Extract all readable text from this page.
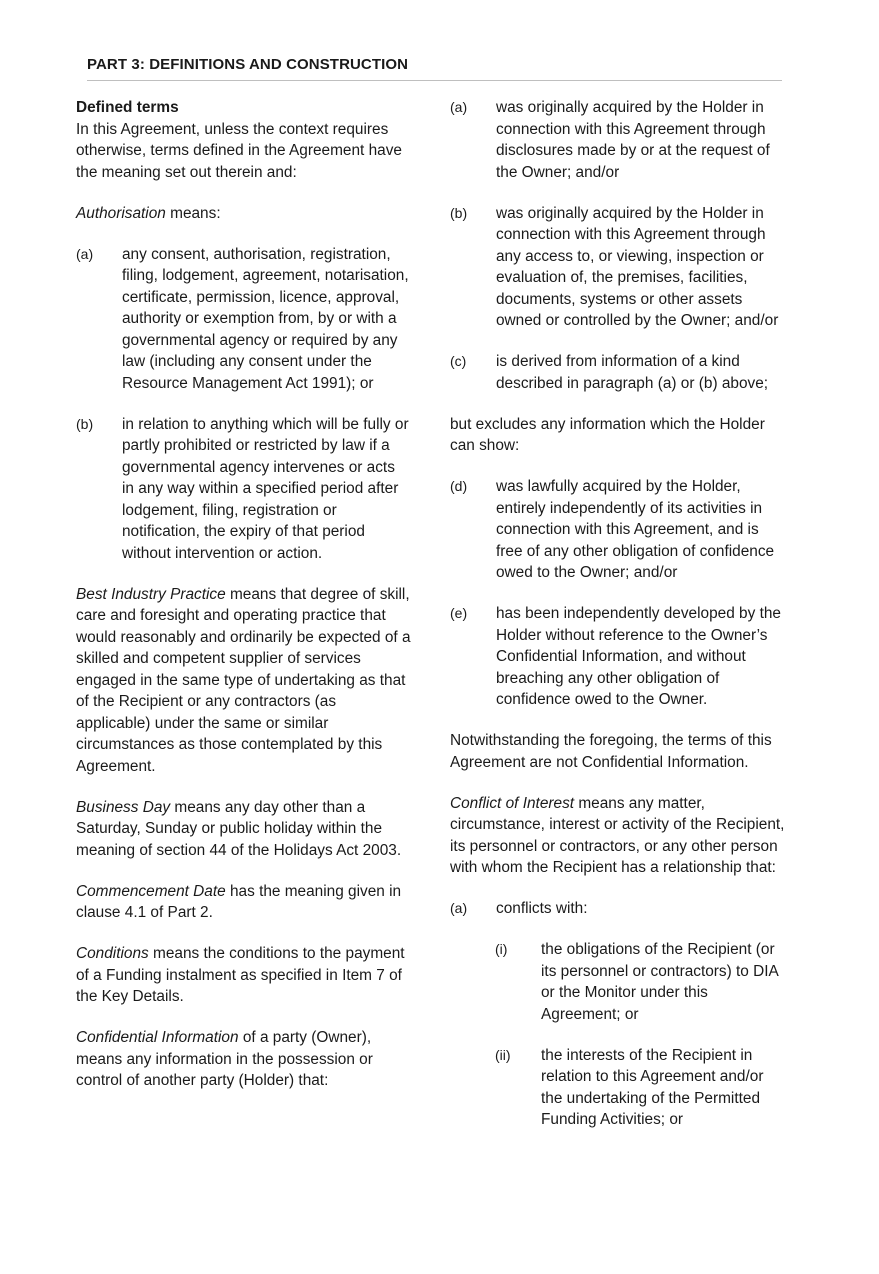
PART 3: DEFINITIONS AND CONSTRUCTION

Defined terms

In this Agreement, unless the context requires otherwise, terms defined in the Agreement have the meaning set out therein and:

Authorisation means:

(a)	any consent, authorisation, registration, filing, lodgement, agreement, notarisation, certificate, permission, licence, approval, authority or exemption from, by or with a governmental agency or required by any law (including any consent under the Resource Management Act 1991); or
(b)	in relation to anything which will be fully or partly prohibited or restricted by law if a governmental agency intervenes or acts in any way within a specified period after lodgement, filing, registration or notification, the expiry of that period without intervention or action.

Best Industry Practice means that degree of skill, care and foresight and operating practice that would reasonably and ordinarily be expected of a skilled and competent supplier of services engaged in the same type of undertaking as that of the Recipient or any contractors (as applicable) under the same or similar circumstances as those contemplated by this Agreement.

Business Day means any day other than a Saturday, Sunday or public holiday within the meaning of section 44 of the Holidays Act 2003.

Commencement Date has the meaning given in clause 4.1 of Part 2.

Conditions means the conditions to the payment of a Funding instalment as specified in Item 7 of the Key Details.

Confidential Information of a party (Owner), means any information in the possession or control of another party (Holder) that:

(a)	was originally acquired by the Holder in connection with this Agreement through disclosures made by or at the request of the Owner; and/or
(b)	was originally acquired by the Holder in connection with this Agreement through any access to, or viewing, inspection or evaluation of, the premises, facilities, documents, systems or other assets owned or controlled by the Owner; and/or
(c)	is derived from information of a kind described in paragraph (a) or (b) above;

but excludes any information which the Holder can show:

(d)	was lawfully acquired by the Holder, entirely independently of its activities in connection with this Agreement, and is free of any other obligation of confidence owed to the Owner; and/or
(e)	has been independently developed by the Holder without reference to the Owner’s Confidential Information, and without breaching any other obligation of confidence owed to the Owner.

Notwithstanding the foregoing, the terms of this Agreement are not Confidential Information.

Conflict of Interest means any matter, circumstance, interest or activity of the Recipient, its personnel or contractors, or any other person with whom the Recipient has a relationship that:

(a)	conflicts with:
(i)	the obligations of the Recipient (or its personnel or contractors) to DIA or the Monitor under this Agreement; or
(ii)	the interests of the Recipient in relation to this Agreement and/or the undertaking of the Permitted Funding Activities; or
